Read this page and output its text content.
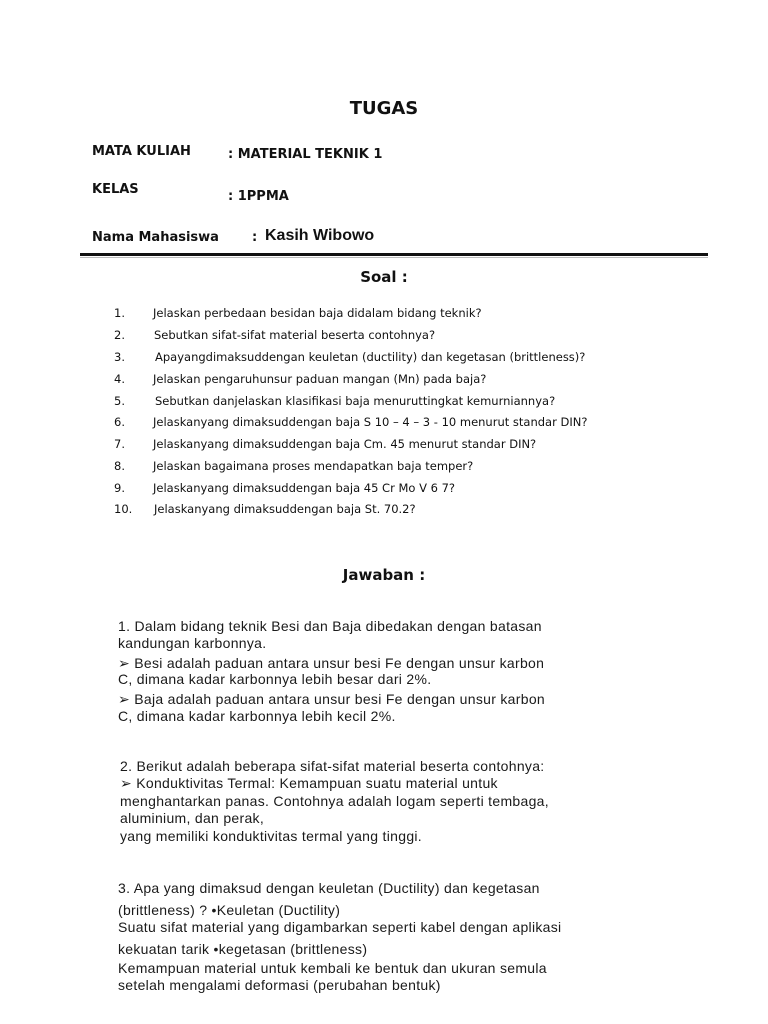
TUGAS
MATA KULIAH	: MATERIAL TEKNIK 1
KELAS	: 1PPMA
Nama Mahasiswa	: Kasih Wibowo
Soal :
1. Jelaskan perbedaan besidan baja didalam bidang teknik?
2.	Sebutkan sifat-sifat material beserta contohnya?
3.	Apayangdimaksuddengan keuletan (ductility) dan kegetasan (brittleness)?
4. Jelaskan pengaruhunsur paduan mangan (Mn) pada baja?
5.	Sebutkan danjelaskan klasifikasi baja menuruttingkat kemurniannya?
6. Jelaskanyang dimaksuddengan baja S 10 – 4 – 3 - 10 menurut standar DIN?
7. Jelaskanyang dimaksuddengan baja Cm. 45 menurut standar DIN?
8. Jelaskan bagaimana proses mendapatkan baja temper?
9. Jelaskanyang dimaksuddengan baja 45 Cr Mo V 6 7?
10. Jelaskanyang dimaksuddengan baja St. 70.2?
Jawaban :
1. Dalam bidang teknik Besi dan Baja dibedakan dengan batasan
kandungan karbonnya.
➢ Besi adalah paduan antara unsur besi Fe dengan unsur karbon
C, dimana kadar karbonnya lebih besar dari 2%.
➢ Baja adalah paduan antara unsur besi Fe dengan unsur karbon
C, dimana kadar karbonnya lebih kecil 2%.
2. Berikut adalah beberapa sifat-sifat material beserta contohnya:
➢ Konduktivitas Termal: Kemampuan suatu material untuk
menghantarkan panas. Contohnya adalah logam seperti tembaga,
aluminium, dan perak,
yang memiliki konduktivitas termal yang tinggi.
3. Apa yang dimaksud dengan keuletan (Ductility) dan kegetasan
(brittleness) ? •Keuletan (Ductility)
Suatu sifat material yang digambarkan seperti kabel dengan aplikasi
kekuatan tarik •kegetasan (brittleness)
Kemampuan material untuk kembali ke bentuk dan ukuran semula
setelah mengalami deformasi (perubahan bentuk)
